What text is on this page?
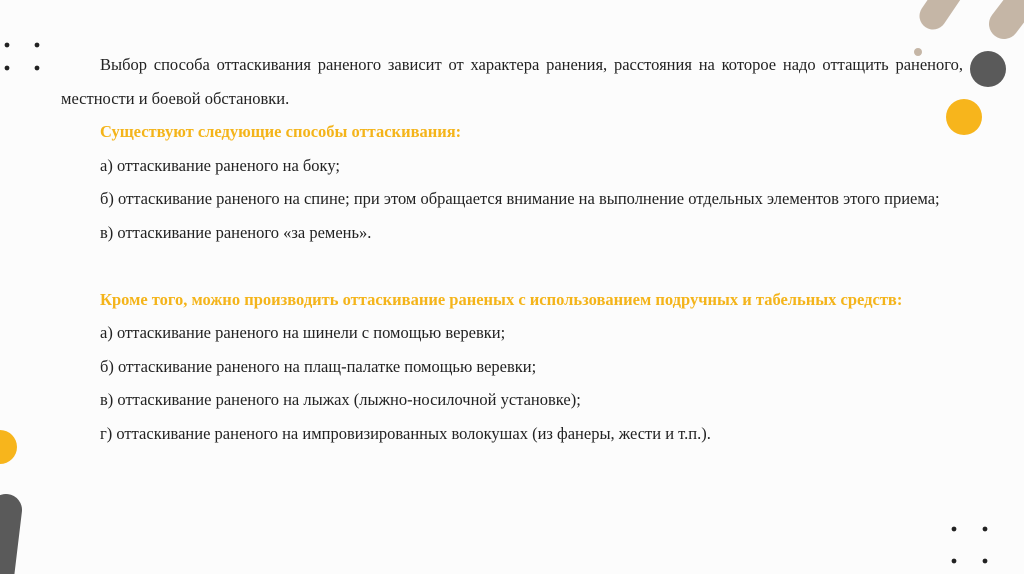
Выбор способа оттаскивания раненого зависит от характера ранения, расстояния на которое надо оттащить раненого, местности и боевой обстановки.

Существуют следующие способы оттаскивания:

а) оттаскивание раненого на боку;

б) оттаскивание раненого на спине; при этом обращается внимание на выполнение отдельных элементов этого приема;

в) оттаскивание раненого «за ремень».

Кроме того, можно производить оттаскивание раненых с использованием подручных и табельных средств:

а) оттаскивание раненого на шинели с помощью веревки;

б) оттаскивание раненого на плащ-палатке помощью веревки;

в) оттаскивание раненого на лыжах (лыжно-носилочной установке);

г) оттаскивание раненого на импровизированных волокушах (из фанеры, жести и т.п.).
